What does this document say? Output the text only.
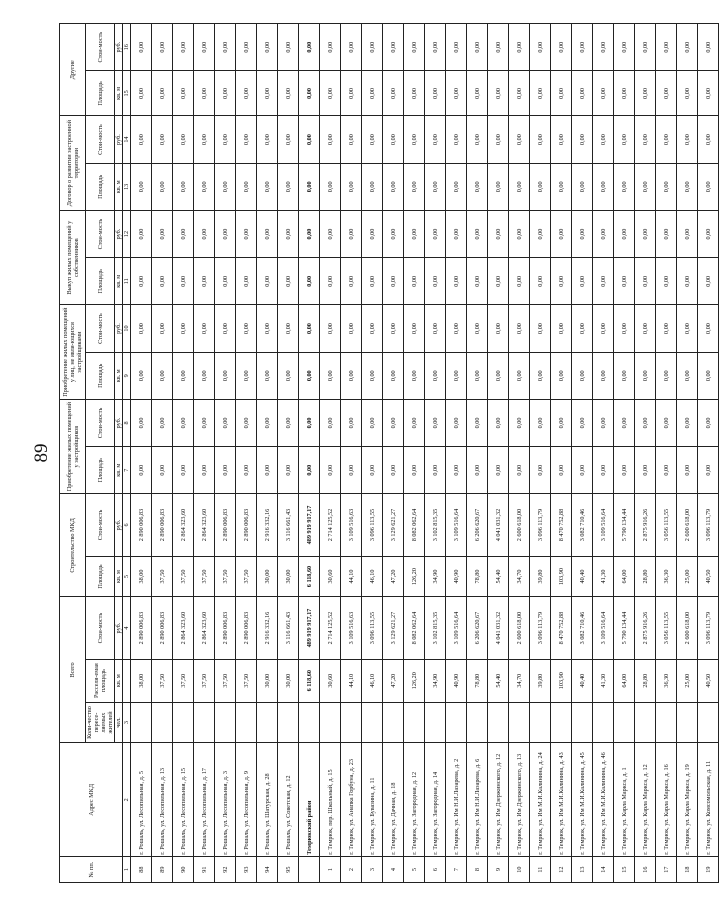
89
№ пп.	Адрес МКД	Всего			Строительство МКД		Приобретение жилых помещений у застройщиков		Приобретение жилых помещений у лиц, не явля-ющихся застройщиками		Выкуп жилых помещений у собственников		Договор о развитии застроенной территории		Другие	
		Коли-чество пересе-ляемых жителей	Расселя-емая площадь	Стои-мость	Площадь	Стои-мость	Площадь	Стои-мость	Площадь	Стои-мость	Площадь	Стои-мость	Площадь	Стои-мость	Площадь	Стои-мость
		чел.	кв. м	руб.	кв. м	руб.	кв. м	руб.	кв. м	руб.	кв. м	руб.	кв. м	руб.	кв. м	руб.
1	2	3		4	5	6	7	8	9	10	11	12	13	14	15	16
88	г. Рошаль, ул. Лесопильная, д. 5		38,00	2 890 006,83	38,00	2 890 006,83	0,00	0,00	0,00	0,00	0,00	0,00	0,00	0,00	0,00	0,00
89	г. Рошаль, ул. Лесопильная, д. 13		37,50	2 890 006,83	37,50	2 890 006,83	0,00	0,00	0,00	0,00	0,00	0,00	0,00	0,00	0,00	0,00
90	г. Рошаль, ул. Лесопильная, д. 15		37,50	2 864 323,60	37,50	2 864 323,60	0,00	0,00	0,00	0,00	0,00	0,00	0,00	0,00	0,00	0,00
91	г. Рошаль, ул. Лесопильная, д. 17		37,50	2 864 323,60	37,50	2 864 323,60	0,00	0,00	0,00	0,00	0,00	0,00	0,00	0,00	0,00	0,00
92	г. Рошаль, ул. Лесопильная, д. 3		37,50	2 890 006,83	37,50	2 890 006,83	0,00	0,00	0,00	0,00	0,00	0,00	0,00	0,00	0,00	0,00
93	г. Рошаль, ул. Лесопильная, д. 9		37,50	2 890 006,83	37,50	2 890 006,83	0,00	0,00	0,00	0,00	0,00	0,00	0,00	0,00	0,00	0,00
94	г. Рошаль, ул. Шатурская, д. 28		30,00	2 916 332,16	30,00	2 916 332,16	0,00	0,00	0,00	0,00	0,00	0,00	0,00	0,00	0,00	0,00
95	г. Рошаль, ул. Советская, д. 12		30,00	3 116 661,43	30,00	3 116 661,43	0,00	0,00	0,00	0,00	0,00	0,00	0,00	0,00	0,00	0,00
	Темрюкский район		6 118,60	489 919 917,17	6 118,60	489 919 917,17	0,00	0,00	0,00	0,00	0,00	0,00	0,00	0,00	0,00	0,00
1	г. Темрюк, пер. Школьный, д. 15		30,60	2 714 125,52	30,60	2 714 125,52	0,00	0,00	0,00	0,00	0,00	0,00	0,00	0,00	0,00	0,00
2	г. Темрюк, ул. Анапка Горбуна, д. 23		44,10	3 109 516,63	44,10	3 109 516,63	0,00	0,00	0,00	0,00	0,00	0,00	0,00	0,00	0,00	0,00
3	г. Темрюк, ул. Бувазина, д. 11		46,10	3 096 113,55	46,10	3 096 113,55	0,00	0,00	0,00	0,00	0,00	0,00	0,00	0,00	0,00	0,00
4	г. Темрюк, ул. Дачная, д. 18		47,20	3 129 621,27	47,20	3 129 621,27	0,00	0,00	0,00	0,00	0,00	0,00	0,00	0,00	0,00	0,00
5	г. Темрюк, ул. Загородная, д. 12		126,20	8 082 062,64	126,20	8 082 062,64	0,00	0,00	0,00	0,00	0,00	0,00	0,00	0,00	0,00	0,00
6	г. Темрюк, ул. Загородная, д. 14		34,90	3 102 815,35	34,90	3 102 815,35	0,00	0,00	0,00	0,00	0,00	0,00	0,00	0,00	0,00	0,00
7	г. Темрюк, ул. Им Н.И.Лазарева, д. 2		40,90	3 109 516,64	40,90	3 109 516,64	0,00	0,00	0,00	0,00	0,00	0,00	0,00	0,00	0,00	0,00
8	г. Темрюк, ул. Им Н.И.Лазарева, д. 6		78,80	6 206 620,67	78,80	6 206 620,67	0,00	0,00	0,00	0,00	0,00	0,00	0,00	0,00	0,00	0,00
9	г. Темрюк, ул. Им Дзержинского, д. 12		54,40	4 041 031,32	54,40	4 041 031,32	0,00	0,00	0,00	0,00	0,00	0,00	0,00	0,00	0,00	0,00
10	г. Темрюк, ул. Им Дзержинского, д. 13		34,70	2 600 618,00	34,70	2 600 618,00	0,00	0,00	0,00	0,00	0,00	0,00	0,00	0,00	0,00	0,00
11	г. Темрюк, ул. Им М.И.Калинина, д. 24		39,80	3 096 113,79	39,80	3 096 113,79	0,00	0,00	0,00	0,00	0,00	0,00	0,00	0,00	0,00	0,00
12	г. Темрюк, ул. Им М.И.Калинина, д. 43		103,90	8 470 752,88	103,90	8 470 752,88	0,00	0,00	0,00	0,00	0,00	0,00	0,00	0,00	0,00	0,00
13	г. Темрюк, ул. Им М.И.Калинина, д. 45		40,40	3 082 710,46	40,40	3 082 710,46	0,00	0,00	0,00	0,00	0,00	0,00	0,00	0,00	0,00	0,00
14	г. Темрюк, ул. Им М.И.Калинина, д. 46		41,30	3 109 516,64	41,30	3 109 516,64	0,00	0,00	0,00	0,00	0,00	0,00	0,00	0,00	0,00	0,00
15	г. Темрюк, ул. Карла Маркса, д. 1		64,00	5 790 134,44	64,00	5 790 134,44	0,00	0,00	0,00	0,00	0,00	0,00	0,00	0,00	0,00	0,00
16	г. Темрюк, ул. Карла Маркса, д. 12		28,80	2 875 916,26	28,80	2 875 916,26	0,00	0,00	0,00	0,00	0,00	0,00	0,00	0,00	0,00	0,00
17	г. Темрюк, ул. Карла Маркса, д. 16		36,30	3 056 113,55	36,30	3 056 113,55	0,00	0,00	0,00	0,00	0,00	0,00	0,00	0,00	0,00	0,00
18	г. Темрюк, ул. Карла Маркса, д. 19		25,00	2 600 618,00	25,00	2 600 618,00	0,00	0,00	0,00	0,00	0,00	0,00	0,00	0,00	0,00	0,00
19	г. Темрюк, ул. Комсомольская, д. 11		40,50	3 096 113,79	40,50	3 096 113,79	0,00	0,00	0,00	0,00	0,00	0,00	0,00	0,00	0,00	0,00
